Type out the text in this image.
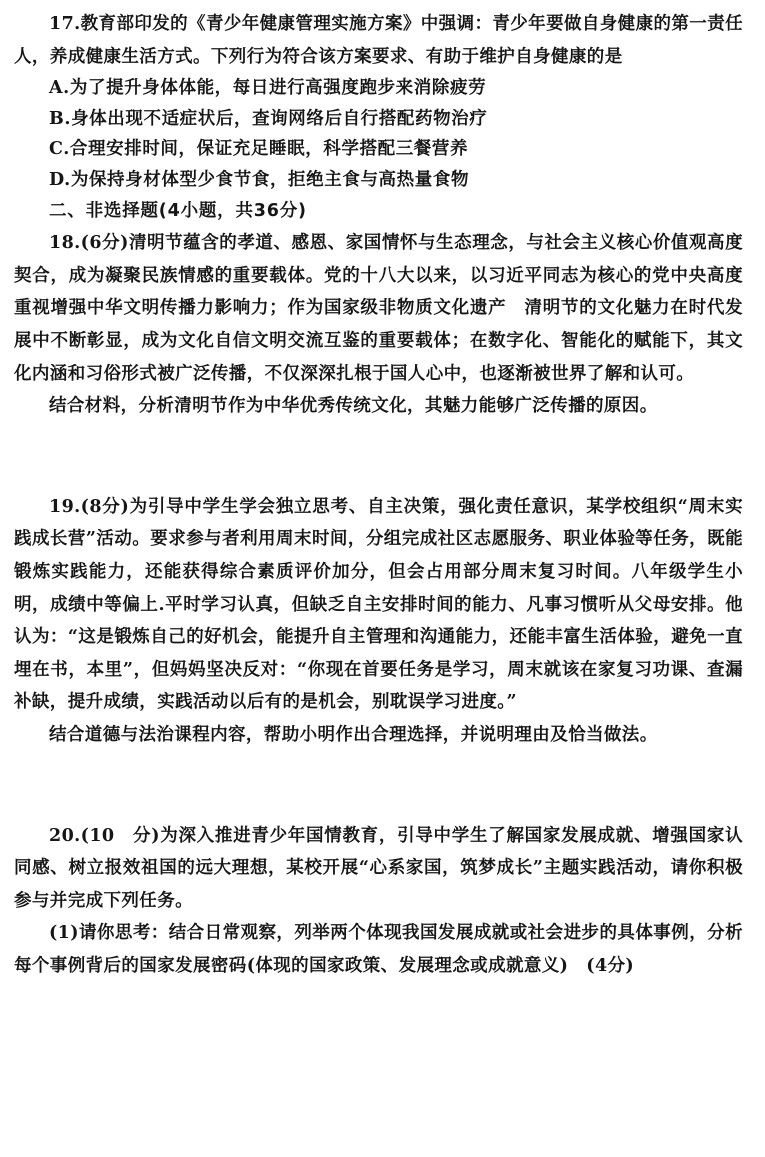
17.教育部印发的《青少年健康管理实施方案》中强调：青少年要做自身健康的第一责任人，养成健康生活方式。下列行为符合该方案要求、有助于维护自身健康的是

A.为了提升身体体能，每日进行高强度跑步来消除疲劳

B.身体出现不适症状后，查询网络后自行搭配药物治疗

C.合理安排时间，保证充足睡眠，科学搭配三餐营养

D.为保持身材体型少食节食，拒绝主食与高热量食物

二、非选择题(4小题，共36分)

18.(6分)清明节蕴含的孝道、感恩、家国情怀与生态理念，与社会主义核心价值观高度契合，成为凝聚民族情感的重要载体。党的十八大以来，以习近平同志为核心的党中央高度重视增强中华文明传播力影响力；作为国家级非物质文化遗产　清明节的文化魅力在时代发展中不断彰显，成为文化自信文明交流互鉴的重要载体；在数字化、智能化的赋能下，其文化内涵和习俗形式被广泛传播，不仅深深扎根于国人心中，也逐渐被世界了解和认可。

结合材料，分析清明节作为中华优秀传统文化，其魅力能够广泛传播的原因。

19.(8分)为引导中学生学会独立思考、自主决策，强化责任意识，某学校组织“周末实践成长营”活动。要求参与者利用周末时间，分组完成社区志愿服务、职业体验等任务，既能锻炼实践能力，还能获得综合素质评价加分，但会占用部分周末复习时间。八年级学生小明，成绩中等偏上.平时学习认真，但缺乏自主安排时间的能力、凡事习惯听从父母安排。他认为：“这是锻炼自己的好机会，能提升自主管理和沟通能力，还能丰富生活体验，避免一直埋在书，本里”，但妈妈坚决反对：“你现在首要任务是学习，周末就该在家复习功课、查漏补缺，提升成绩，实践活动以后有的是机会，别耽误学习进度。”

结合道德与法治课程内容，帮助小明作出合理选择，并说明理由及恰当做法。

20.(10　分)为深入推进青少年国情教育，引导中学生了解国家发展成就、增强国家认同感、树立报效祖国的远大理想，某校开展“心系家国，筑梦成长”主题实践活动，请你积极参与并完成下列任务。

(1)请你思考：结合日常观察，列举两个体现我国发展成就或社会进步的具体事例，分析每个事例背后的国家发展密码(体现的国家政策、发展理念或成就意义)　(4分)
